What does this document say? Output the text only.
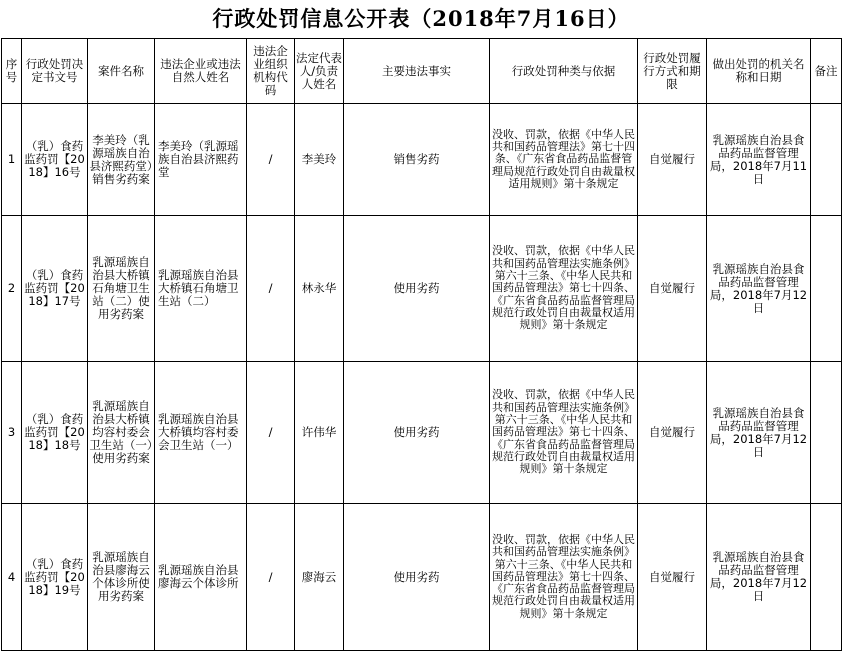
行政处罚信息公开表（2018年7月16日）
序号	行政处罚决定书文号	案件名称	违法企业或违法自然人姓名	违法企业组织机构代码	法定代表人/负责人姓名	主要违法事实	行政处罚种类与依据	行政处罚履行方式和期限	做出处罚的机关名称和日期	备注
1	（乳）食药监药罚【2018】16号	李美玲（乳源瑶族自治县济熙药堂）销售劣药案	李美玲（乳源瑶族自治县济熙药堂	/	李美玲	销售劣药	没收、罚款，依据《中华人民共和国药品管理法》第七十四条、《广东省食品药品监督管理局规范行政处罚自由裁量权适用规则》第十条规定	自觉履行	乳源瑶族自治县食品药品监督管理局，2018年7月11日	
2	（乳）食药监药罚【2018】17号	乳源瑶族自治县大桥镇石角塘卫生站（二）使用劣药案	乳源瑶族自治县大桥镇石角塘卫生站（二）	/	林永华	使用劣药	没收、罚款，依据《中华人民共和国药品管理法实施条例》第六十三条、《中华人民共和国药品管理法》第七十四条、《广东省食品药品监督管理局规范行政处罚自由裁量权适用规则》第十条规定	自觉履行	乳源瑶族自治县食品药品监督管理局，2018年7月12日	
3	（乳）食药监药罚【2018】18号	乳源瑶族自治县大桥镇均容村委会卫生站（一）使用劣药案	乳源瑶族自治县大桥镇均容村委会卫生站（一）	/	许伟华	使用劣药	没收、罚款，依据《中华人民共和国药品管理法实施条例》第六十三条、《中华人民共和国药品管理法》第七十四条、《广东省食品药品监督管理局规范行政处罚自由裁量权适用规则》第十条规定	自觉履行	乳源瑶族自治县食品药品监督管理局，2018年7月12日	
4	（乳）食药监药罚【2018】19号	乳源瑶族自治县廖海云个体诊所使用劣药案	乳源瑶族自治县廖海云个体诊所	/	廖海云	使用劣药	没收、罚款，依据《中华人民共和国药品管理法实施条例》第六十三条、《中华人民共和国药品管理法》第七十四条、《广东省食品药品监督管理局规范行政处罚自由裁量权适用规则》第十条规定	自觉履行	乳源瑶族自治县食品药品监督管理局，2018年7月12日	
